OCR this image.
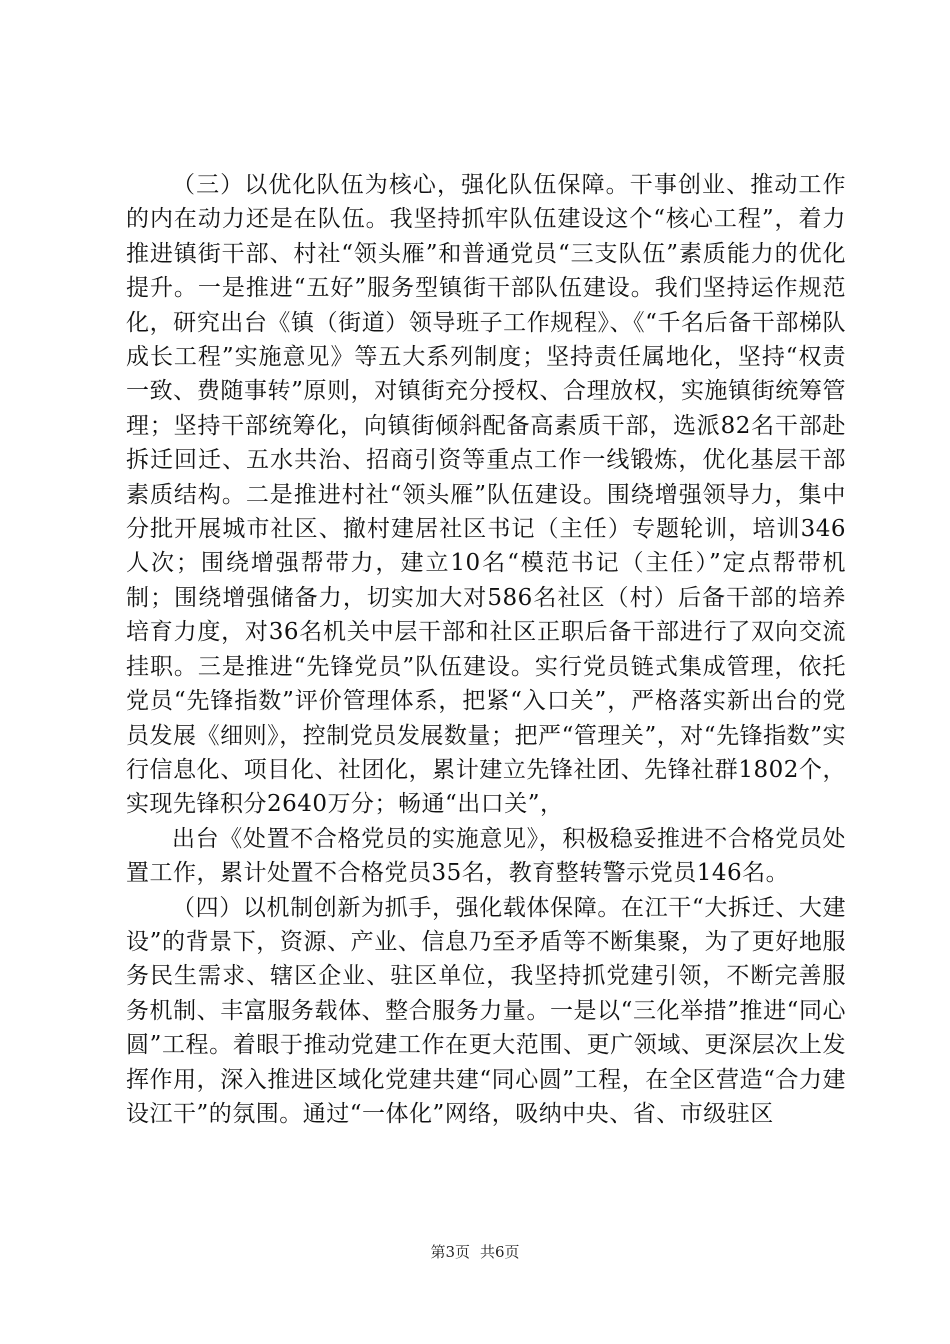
（三）以优化队伍为核心，强化队伍保障。干事创业、推动工作的内在动力还是在队伍。我坚持抓牢队伍建设这个“核心工程”，着力推进镇街干部、村社“领头雁”和普通党员“三支队伍”素质能力的优化提升。一是推进“五好”服务型镇街干部队伍建设。我们坚持运作规范化，研究出台《镇（街道）领导班子工作规程》、《“千名后备干部梯队成长工程”实施意见》等五大系列制度；坚持责任属地化，坚持“权责一致、费随事转”原则，对镇街充分授权、合理放权，实施镇街统筹管理；坚持干部统筹化，向镇街倾斜配备高素质干部，选派82名干部赴拆迁回迁、五水共治、招商引资等重点工作一线锻炼，优化基层干部素质结构。二是推进村社“领头雁”队伍建设。围绕增强领导力，集中分批开展城市社区、撤村建居社区书记（主任）专题轮训，培训346人次；围绕增强帮带力，建立10名“模范书记（主任）”定点帮带机制；围绕增强储备力，切实加大对586名社区（村）后备干部的培养培育力度，对36名机关中层干部和社区正职后备干部进行了双向交流挂职。三是推进“先锋党员”队伍建设。实行党员链式集成管理，依托党员“先锋指数”评价管理体系，把紧“入口关”，严格落实新出台的党员发展《细则》，控制党员发展数量；把严“管理关”，对“先锋指数”实行信息化、项目化、社团化，累计建立先锋社团、先锋社群1802个，实现先锋积分2640万分；畅通“出口关”，

出台《处置不合格党员的实施意见》，积极稳妥推进不合格党员处置工作，累计处置不合格党员35名，教育整转警示党员146名。

（四）以机制创新为抓手，强化载体保障。在江干“大拆迁、大建设”的背景下，资源、产业、信息乃至矛盾等不断集聚，为了更好地服务民生需求、辖区企业、驻区单位，我坚持抓党建引领，不断完善服务机制、丰富服务载体、整合服务力量。一是以“三化举措”推进“同心圆”工程。着眼于推动党建工作在更大范围、更广领域、更深层次上发挥作用，深入推进区域化党建共建“同心圆”工程，在全区营造“合力建设江干”的氛围。通过“一体化”网络，吸纳中央、省、市级驻区

第3页 共6页
